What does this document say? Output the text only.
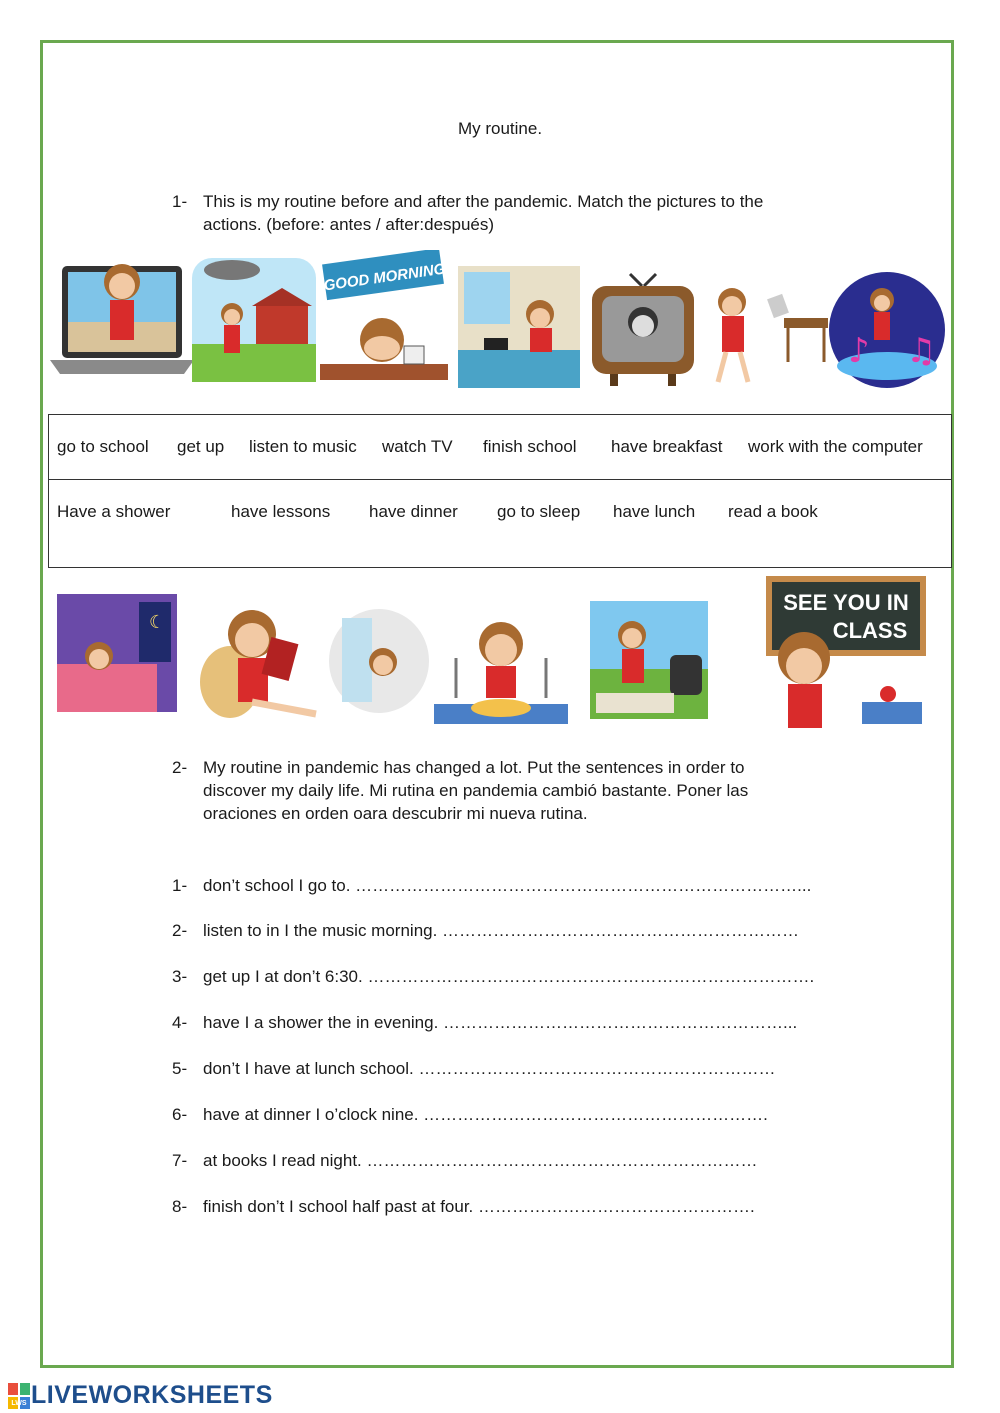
My routine.
1- This is my routine before and after the pandemic. Match the pictures to the
actions. (before: antes / after:después)
GOOD MORNING
♪ ♫
go to school get up listen to music watch TV finish school have breakfast work with the computer
Have a shower	have lessons have dinner go to sleep have lunch read a book
☾
SEE YOU IN
CLASS
2- My routine in pandemic has changed a lot. Put the sentences in order to
discover my daily life. Mi rutina en pandemia cambió bastante. Poner las
oraciones en orden oara descubrir mi nueva rutina.
1- don’t school I go to. ……………………………………………………………………...
2- listen to in I the music morning. ………………………………………………………
3- get up I at don’t 6:30. …………………………………………………………………….
4- have I a shower the in evening. ……………………………………………………...
5- don’t I have at lunch school. ………………………………………………………
6- have at dinner I o’clock nine. …………………………………………………….
7- at books I read night. ……………………………………………………………
8- finish don’t I school half past at four. ………………………………………….
LWS LIVEWORKSHEETS
